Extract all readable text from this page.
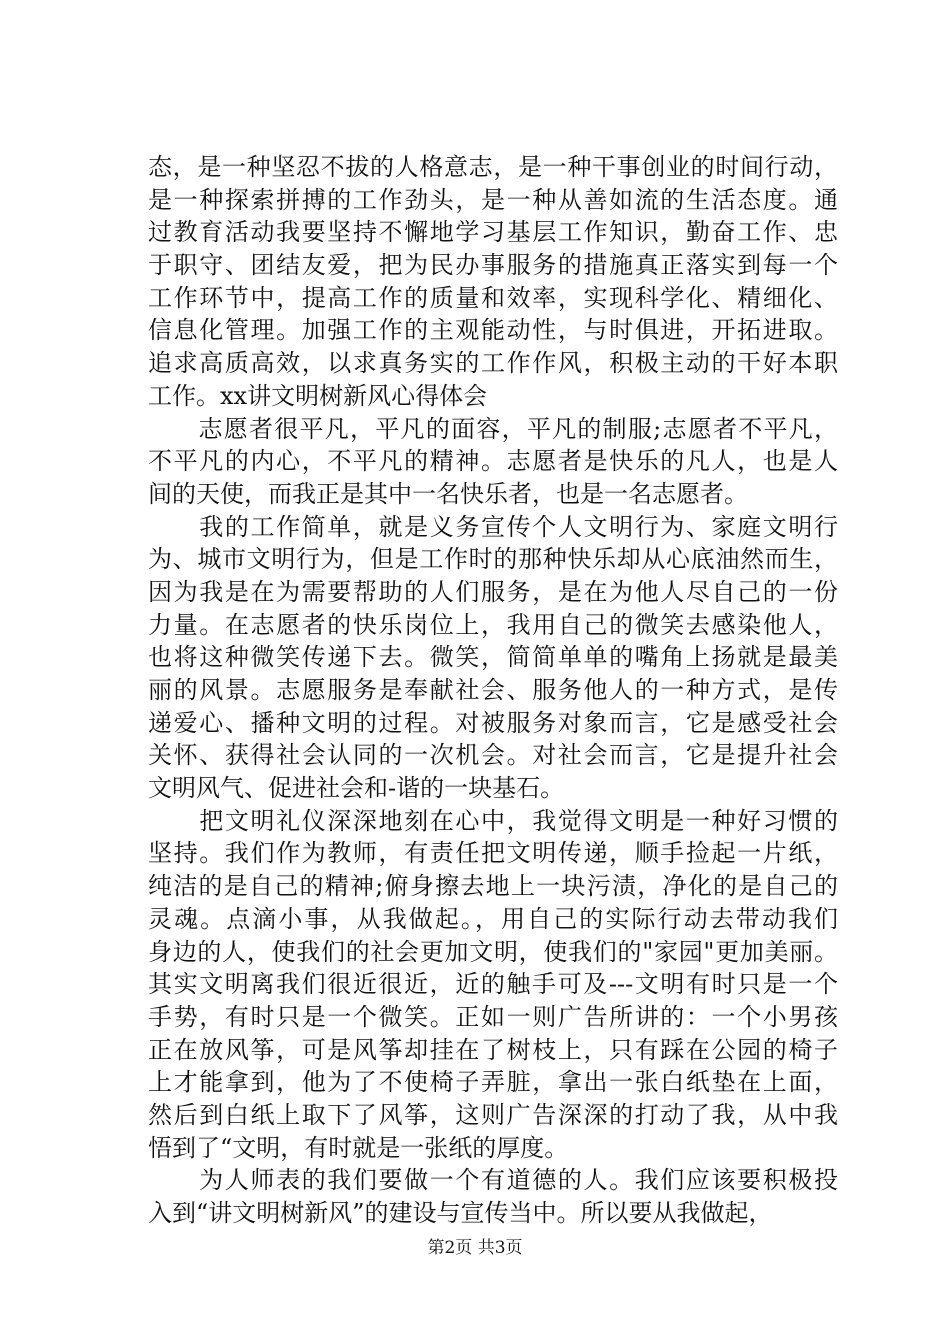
态，是一种坚忍不拔的人格意志，是一种干事创业的时间行动，
是一种探索拼搏的工作劲头，是一种从善如流的生活态度。通
过教育活动我要坚持不懈地学习基层工作知识，勤奋工作、忠
于职守、团结友爱，把为民办事服务的措施真正落实到每一个
工作环节中，提高工作的质量和效率，实现科学化、精细化、
信息化管理。加强工作的主观能动性，与时俱进，开拓进取。
追求高质高效，以求真务实的工作作风，积极主动的干好本职
工作。xx讲文明树新风心得体会
　　志愿者很平凡，平凡的面容，平凡的制服;志愿者不平凡，
不平凡的内心，不平凡的精神。志愿者是快乐的凡人，也是人
间的天使，而我正是其中一名快乐者，也是一名志愿者。
　　我的工作简单，就是义务宣传个人文明行为、家庭文明行
为、城市文明行为，但是工作时的那种快乐却从心底油然而生，
因为我是在为需要帮助的人们服务，是在为他人尽自己的一份
力量。在志愿者的快乐岗位上，我用自己的微笑去感染他人，
也将这种微笑传递下去。微笑，简简单单的嘴角上扬就是最美
丽的风景。志愿服务是奉献社会、服务他人的一种方式，是传
递爱心、播种文明的过程。对被服务对象而言，它是感受社会
关怀、获得社会认同的一次机会。对社会而言，它是提升社会
文明风气、促进社会和-谐的一块基石。
　　把文明礼仪深深地刻在心中，我觉得文明是一种好习惯的
坚持。我们作为教师，有责任把文明传递，顺手捡起一片纸，
纯洁的是自己的精神;俯身擦去地上一块污渍，净化的是自己的
灵魂。点滴小事，从我做起。，用自己的实际行动去带动我们
身边的人，使我们的社会更加文明，使我们的"家园"更加美丽。
其实文明离我们很近很近，近的触手可及---文明有时只是一个
手势，有时只是一个微笑。正如一则广告所讲的：一个小男孩
正在放风筝，可是风筝却挂在了树枝上，只有踩在公园的椅子
上才能拿到，他为了不使椅子弄脏，拿出一张白纸垫在上面，
然后到白纸上取下了风筝，这则广告深深的打动了我，从中我
悟到了“文明，有时就是一张纸的厚度。
　　为人师表的我们要做一个有道德的人。我们应该要积极投
入到“讲文明树新风”的建设与宣传当中。所以要从我做起，
第2页 共3页
